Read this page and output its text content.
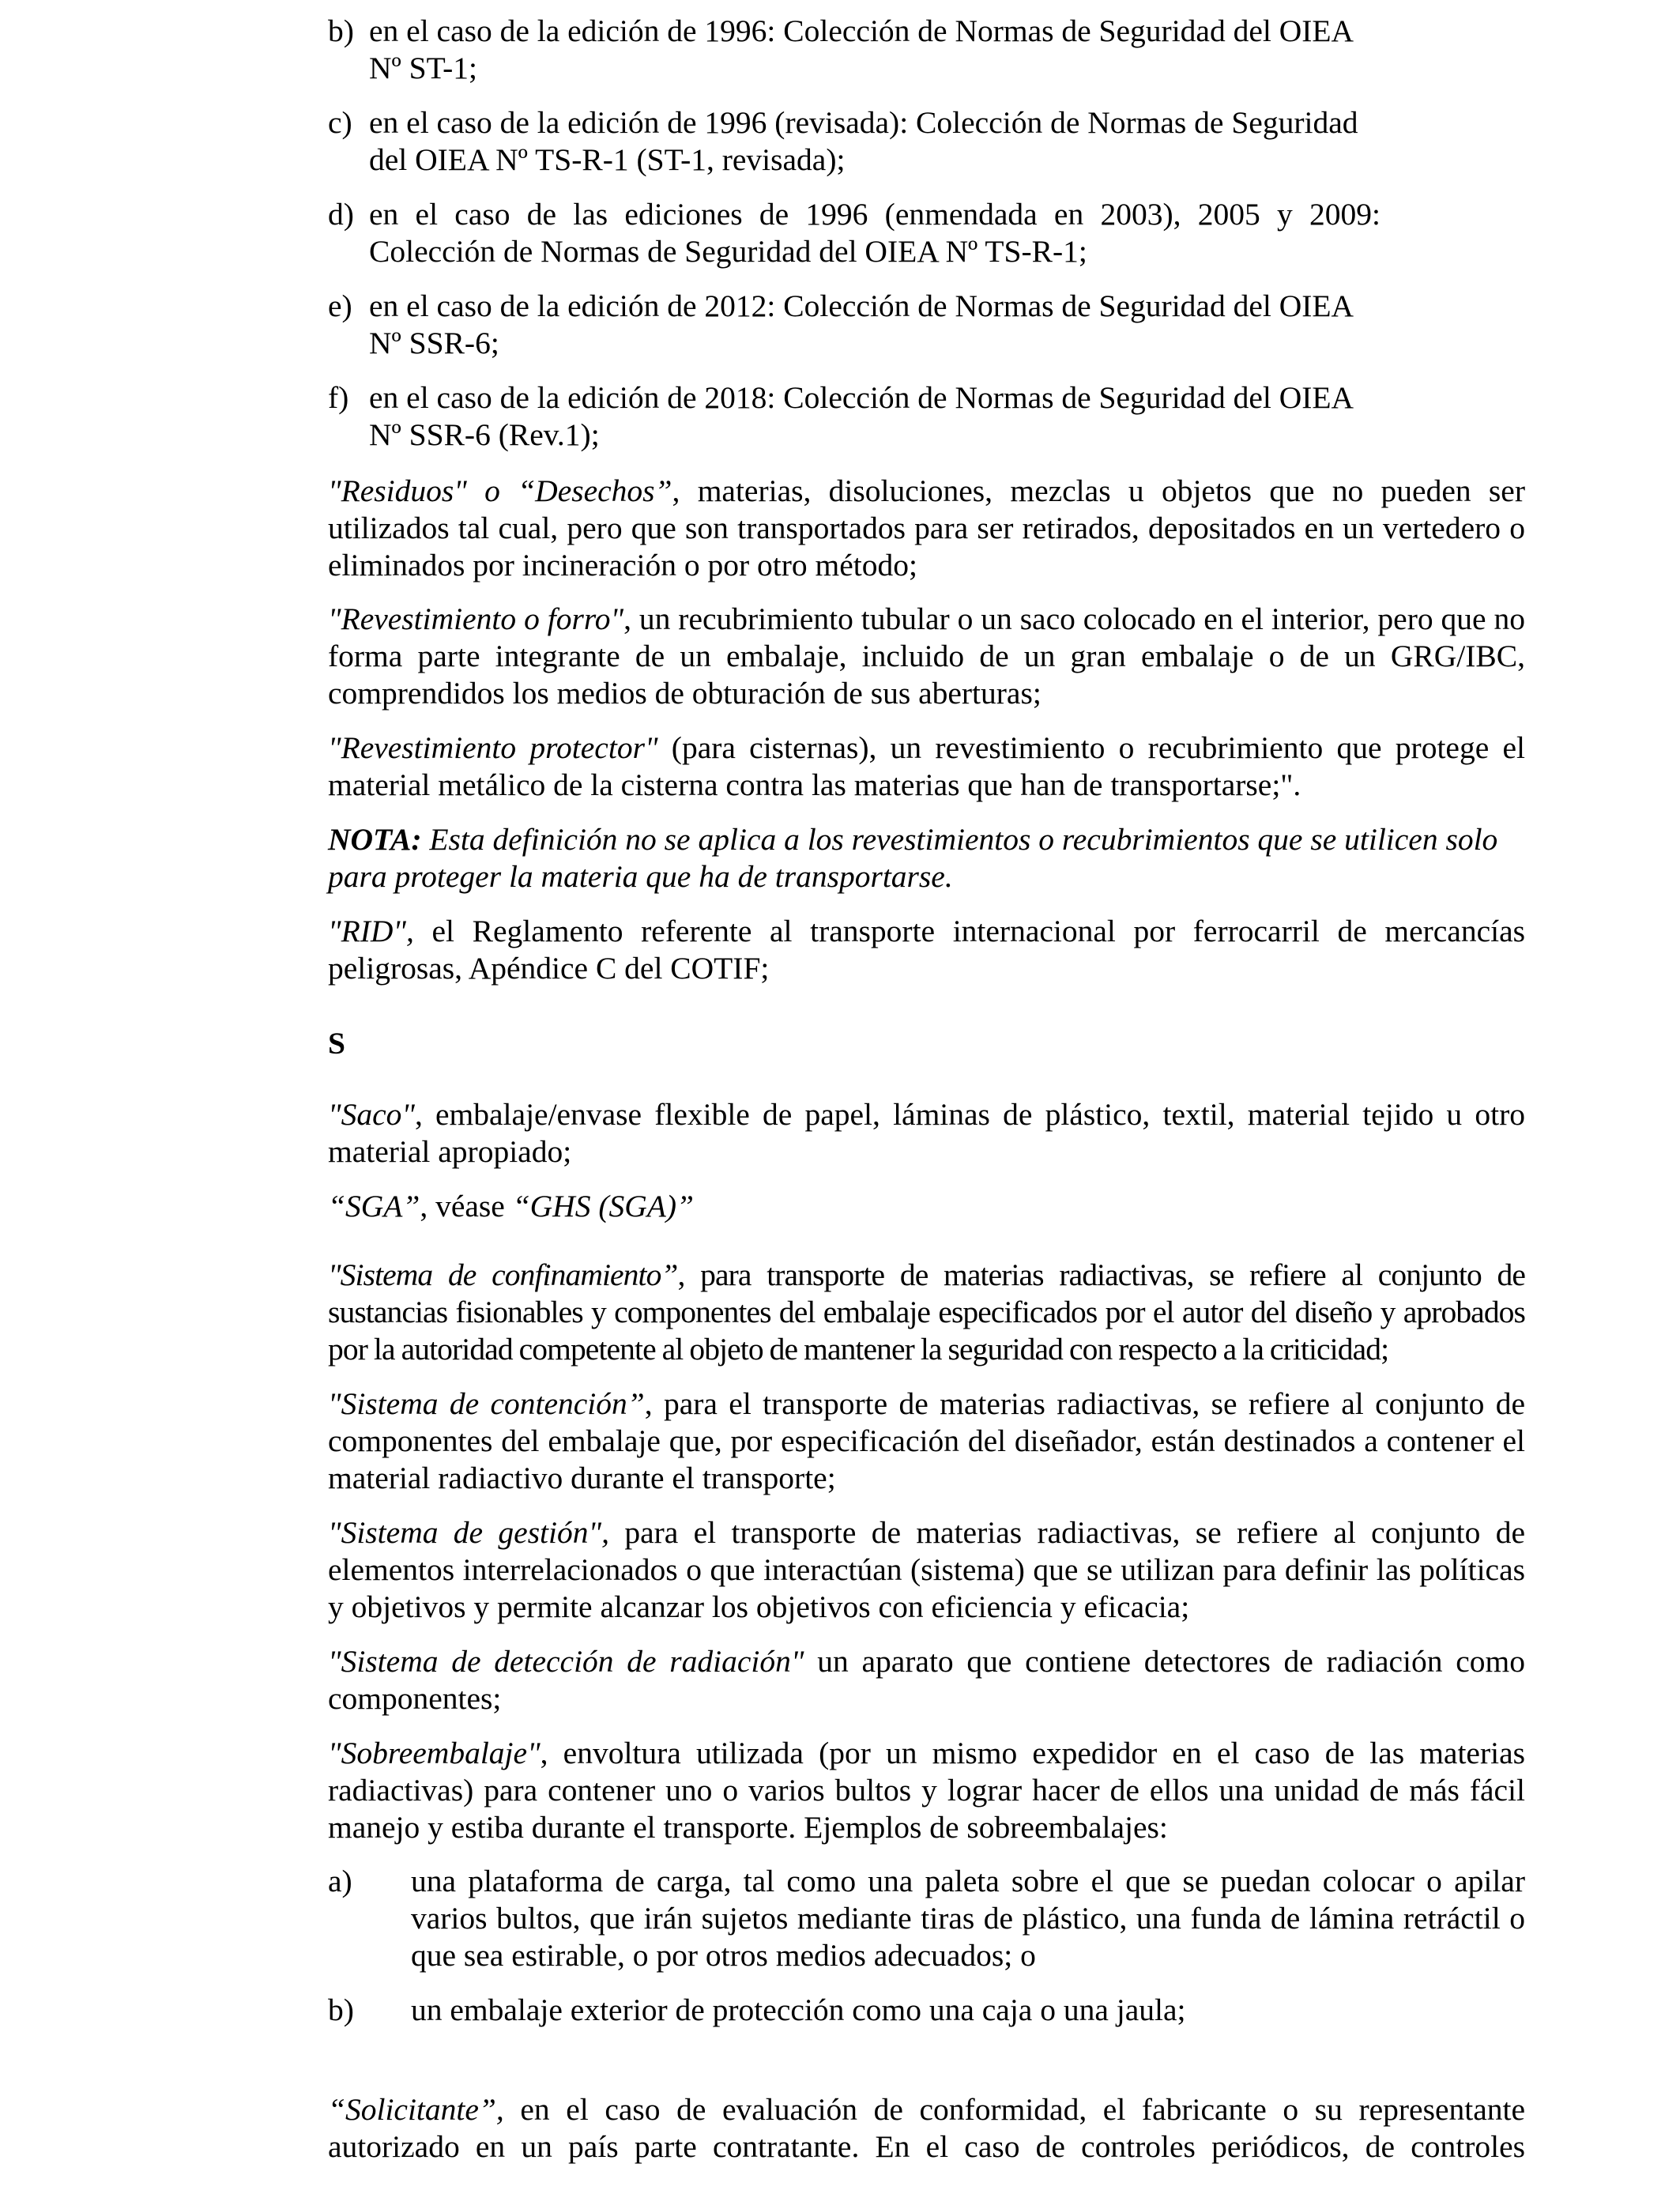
b) en el caso de la edición de 1996: Colección de Normas de Seguridad del OIEA
Nº ST-1;
c) en el caso de la edición de 1996 (revisada): Colección de Normas de Seguridad
del OIEA Nº TS-R-1 (ST-1, revisada);
d) en el caso de las ediciones de 1996 (enmendada en 2003), 2005 y 2009:
Colección de Normas de Seguridad del OIEA Nº TS-R-1;
e) en el caso de la edición de 2012: Colección de Normas de Seguridad del OIEA
Nº SSR-6;
f) en el caso de la edición de 2018: Colección de Normas de Seguridad del OIEA
Nº SSR-6 (Rev.1);

"Residuos" o “Desechos”, materias, disoluciones, mezclas u objetos que no pueden ser utilizados tal cual, pero que son transportados para ser retirados, depositados en un vertedero o eliminados por incineración o por otro método;

"Revestimiento o forro", un recubrimiento tubular o un saco colocado en el interior, pero que no forma parte integrante de un embalaje, incluido de un gran embalaje o de un GRG/IBC, comprendidos los medios de obturación de sus aberturas;

"Revestimiento protector" (para cisternas), un revestimiento o recubrimiento que protege el material metálico de la cisterna contra las materias que han de transportarse;".

NOTA: Esta definición no se aplica a los revestimientos o recubrimientos que se utilicen solo para proteger la materia que ha de transportarse.

"RID", el Reglamento referente al transporte internacional por ferrocarril de mercancías peligrosas, Apéndice C del COTIF;

S

"Saco", embalaje/envase flexible de papel, láminas de plástico, textil, material tejido u otro material apropiado;

“SGA”, véase “GHS (SGA)”

"Sistema de confinamiento”, para transporte de materias radiactivas, se refiere al conjunto de sustancias fisionables y componentes del embalaje especificados por el autor del diseño y aprobados por la autoridad competente al objeto de mantener la seguridad con respecto a la criticidad;

"Sistema de contención”, para el transporte de materias radiactivas, se refiere al conjunto de componentes del embalaje que, por especificación del diseñador, están destinados a contener el material radiactivo durante el transporte;

"Sistema de gestión", para el transporte de materias radiactivas, se refiere al conjunto de elementos interrelacionados o que interactúan (sistema) que se utilizan para definir las políticas y objetivos y permite alcanzar los objetivos con eficiencia y eficacia;

"Sistema de detección de radiación" un aparato que contiene detectores de radiación como componentes;

"Sobreembalaje", envoltura utilizada (por un mismo expedidor en el caso de las materias radiactivas) para contener uno o varios bultos y lograr hacer de ellos una unidad de más fácil manejo y estiba durante el transporte. Ejemplos de sobreembalajes:

a)	una plataforma de carga, tal como una paleta sobre el que se puedan colocar o apilar varios bultos, que irán sujetos mediante tiras de plástico, una funda de lámina retráctil o que sea estirable, o por otros medios adecuados; o
b)	un embalaje exterior de protección como una caja o una jaula;

“Solicitante”, en el caso de evaluación de conformidad, el fabricante o su representante autorizado en un país parte contratante. En el caso de controles periódicos, de controles
